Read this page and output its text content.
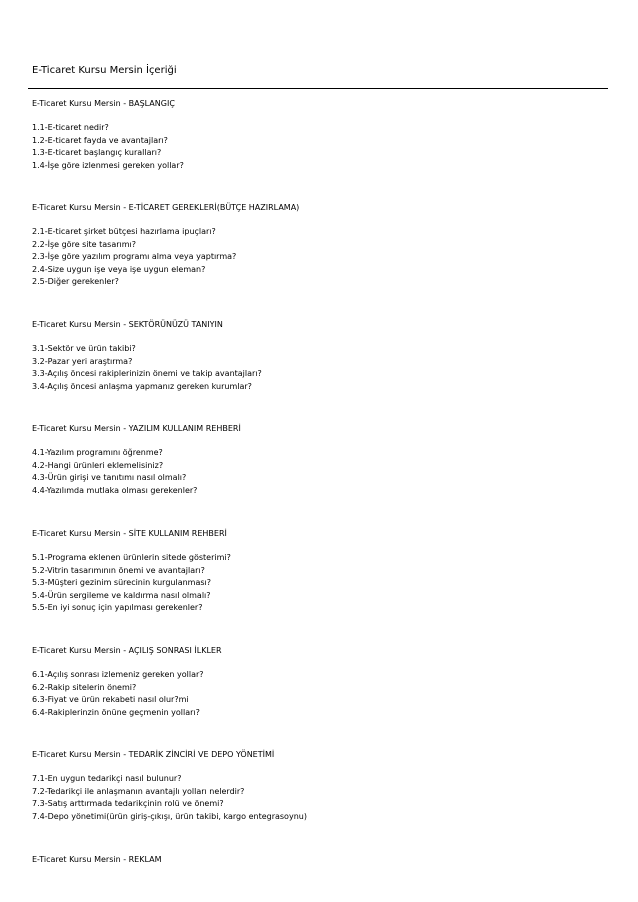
E-Ticaret Kursu Mersin İçeriği
E-Ticaret Kursu Mersin - BAŞLANGIÇ
1.1-E-ticaret nedir?
1.2-E-ticaret fayda ve avantajları?
1.3-E-ticaret başlangıç kuralları?
1.4-İşe göre izlenmesi gereken yollar?
E-Ticaret Kursu Mersin - E-TİCARET GEREKLERİ(BÜTÇE HAZIRLAMA)
2.1-E-ticaret şirket bütçesi hazırlama ipuçları?
2.2-İşe göre site tasarımı?
2.3-İşe göre yazılım programı alma veya yaptırma?
2.4-Size uygun işe veya işe uygun eleman?
2.5-Diğer gerekenler?
E-Ticaret Kursu Mersin - SEKTÖRÜNÜZÜ TANIYIN
3.1-Sektör ve ürün takibi?
3.2-Pazar yeri araştırma?
3.3-Açılış öncesi rakiplerinizin önemi ve takip avantajları?
3.4-Açılış öncesi anlaşma yapmanız gereken kurumlar?
E-Ticaret Kursu Mersin - YAZILIM KULLANIM REHBERİ
4.1-Yazılım programını öğrenme?
4.2-Hangi ürünleri eklemelisiniz?
4.3-Ürün girişi ve tanıtımı nasıl olmalı?
4.4-Yazılımda mutlaka olması gerekenler?
E-Ticaret Kursu Mersin - SİTE KULLANIM REHBERİ
5.1-Programa eklenen ürünlerin sitede gösterimi?
5.2-Vitrin tasarımının önemi ve avantajları?
5.3-Müşteri gezinim sürecinin kurgulanması?
5.4-Ürün sergileme ve kaldırma nasıl olmalı?
5.5-En iyi sonuç için yapılması gerekenler?
E-Ticaret Kursu Mersin - AÇILIŞ SONRASI İLKLER
6.1-Açılış sonrası izlemeniz gereken yollar?
6.2-Rakip sitelerin önemi?
6.3-Fiyat ve ürün rekabeti nasıl olur?mi
6.4-Rakiplerinzin önüne geçmenin yolları?
E-Ticaret Kursu Mersin - TEDARİK ZİNCİRİ VE DEPO YÖNETİMİ
7.1-En uygun tedarikçi nasıl bulunur?
7.2-Tedarikçi ile anlaşmanın avantajlı yolları nelerdir?
7.3-Satış arttırmada tedarikçinin rolü ve önemi?
7.4-Depo yönetimi(ürün giriş-çıkışı, ürün takibi, kargo entegrasoynu)
E-Ticaret Kursu Mersin - REKLAM
